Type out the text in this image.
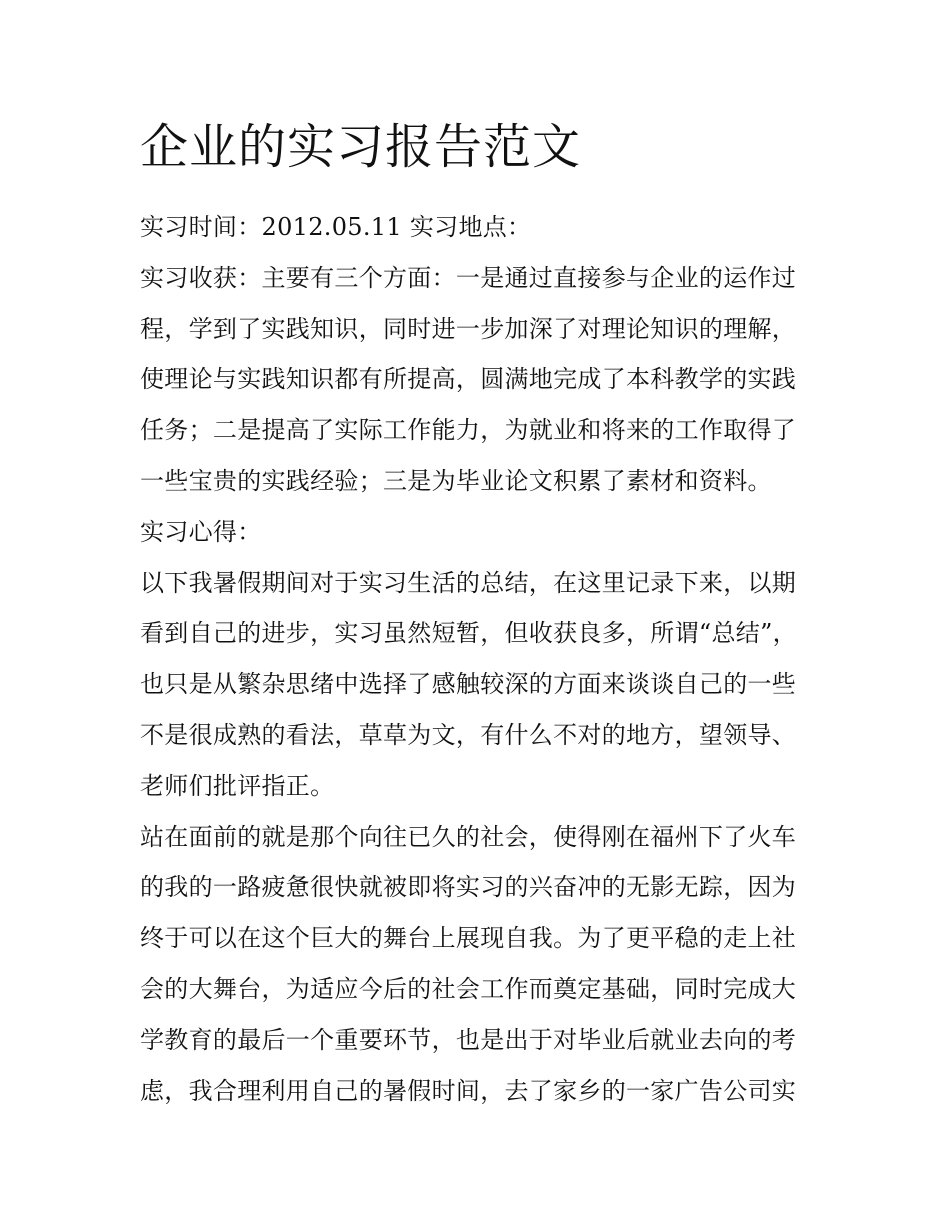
企业的实习报告范文
实习时间：2012.05.11 实习地点：
实习收获：主要有三个方面：一是通过直接参与企业的运作过
程，学到了实践知识，同时进一步加深了对理论知识的理解，
使理论与实践知识都有所提高，圆满地完成了本科教学的实践
任务；二是提高了实际工作能力，为就业和将来的工作取得了
一些宝贵的实践经验；三是为毕业论文积累了素材和资料。
实习心得：
以下我暑假期间对于实习生活的总结，在这里记录下来，以期
看到自己的进步，实习虽然短暂，但收获良多，所谓“总结”，
也只是从繁杂思绪中选择了感触较深的方面来谈谈自己的一些
不是很成熟的看法，草草为文，有什么不对的地方，望领导、
老师们批评指正。
站在面前的就是那个向往已久的社会，使得刚在福州下了火车
的我的一路疲惫很快就被即将实习的兴奋冲的无影无踪，因为
终于可以在这个巨大的舞台上展现自我。为了更平稳的走上社
会的大舞台，为适应今后的社会工作而奠定基础，同时完成大
学教育的最后一个重要环节，也是出于对毕业后就业去向的考
虑，我合理利用自己的暑假时间，去了家乡的一家广告公司实
